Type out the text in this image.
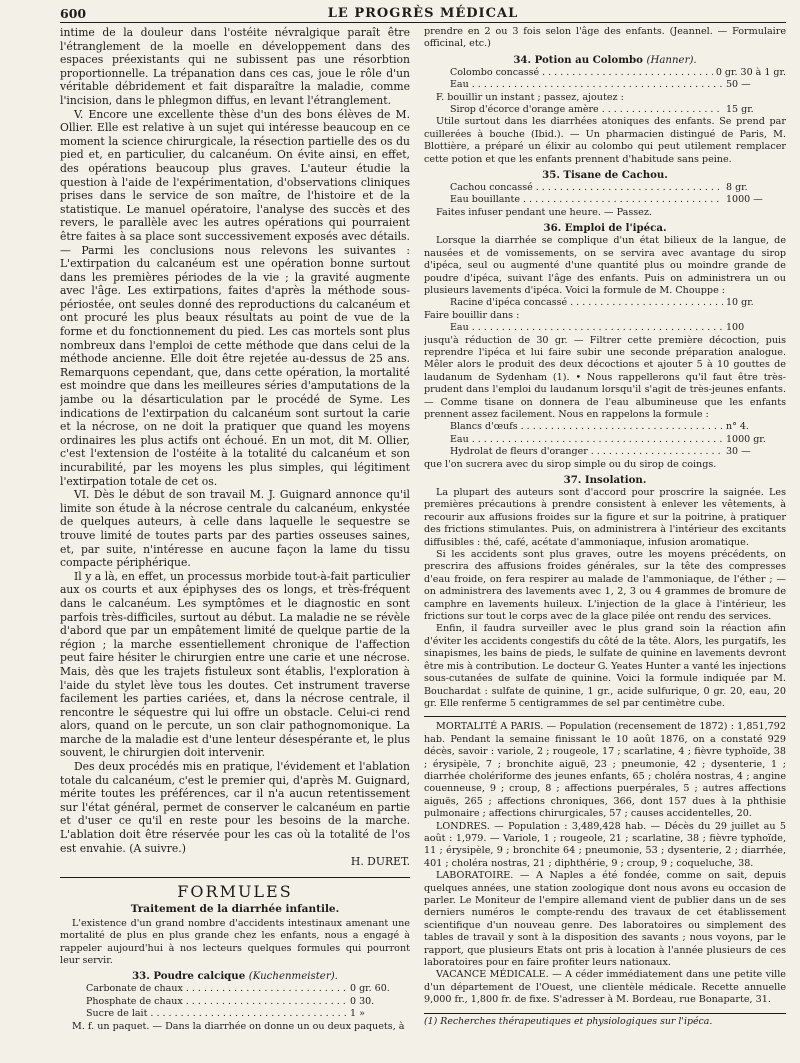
600	LE PROGRÈS MÉDICAL

intime de la douleur dans l'ostéite névralgique paraît être l'étranglement de la moelle en développement dans des espaces préexistants qui ne subissent pas une résorbtion proportionnelle. La trépanation dans ces cas, joue le rôle d'un véritable débridement et fait disparaître la maladie, comme l'incision, dans le phlegmon diffus, en levant l'étranglement.

V. Encore une excellente thèse d'un des bons élèves de M. Ollier. Elle est relative à un sujet qui intéresse beaucoup en ce moment la science chirurgicale, la résection partielle des os du pied et, en particulier, du calcanéum. On évite ainsi, en effet, des opérations beaucoup plus graves. L'auteur étudie la question à l'aide de l'expérimentation, d'observations cliniques prises dans le service de son maître, de l'histoire et de la statistique. Le manuel opératoire, l'analyse des succès et des revers, le parallèle avec les autres opérations qui pourraient être faites à sa place sont successivement exposés avec détails. — Parmi les conclusions nous relevons les suivantes : L'extirpation du calcanéum est une opération bonne surtout dans les premières périodes de la vie ; la gravité augmente avec l'âge. Les extirpations, faites d'après la méthode sous-périostée, ont seules donné des reproductions du calcanéum et ont procuré les plus beaux résultats au point de vue de la forme et du fonctionnement du pied. Les cas mortels sont plus nombreux dans l'emploi de cette méthode que dans celui de la méthode ancienne. Elle doit être rejetée au-dessus de 25 ans. Remarquons cependant, que, dans cette opération, la mortalité est moindre que dans les meilleures séries d'amputations de la jambe ou la désarticulation par le procédé de Syme. Les indications de l'extirpation du calcanéum sont surtout la carie et la nécrose, on ne doit la pratiquer que quand les moyens ordinaires les plus actifs ont échoué. En un mot, dit M. Ollier, c'est l'extension de l'ostéite à la totalité du calcanéum et son incurabilité, par les moyens les plus simples, qui légitiment l'extirpation totale de cet os.

VI. Dès le début de son travail M. J. Guignard annonce qu'il limite son étude à la nécrose centrale du calcanéum, enkystée de quelques auteurs, à celle dans laquelle le sequestre se trouve limité de toutes parts par des parties osseuses saines, et, par suite, n'intéresse en aucune façon la lame du tissu compacte périphérique.

Il y a là, en effet, un processus morbide tout-à-fait particulier aux os courts et aux épiphyses des os longs, et très-fréquent dans le calcanéum. Les symptômes et le diagnostic en sont parfois très-difficiles, surtout au début. La maladie ne se révèle d'abord que par un empâtement limité de quelque partie de la région ; la marche essentiellement chronique de l'affection peut faire hésiter le chirurgien entre une carie et une nécrose. Mais, dès que les trajets fistuleux sont établis, l'exploration à l'aide du stylet lève tous les doutes. Cet instrument traverse facilement les parties cariées, et, dans la nécrose centrale, il rencontre le séquestre qui lui offre un obstacle. Celui-ci rend alors, quand on le percute, un son clair pathognomonique. La marche de la maladie est d'une lenteur désespérante et, le plus souvent, le chirurgien doit intervenir.

Des deux procédés mis en pratique, l'évidement et l'ablation totale du calcanéum, c'est le premier qui, d'après M. Guignard, mérite toutes les préférences, car il n'a aucun retentissement sur l'état général, permet de conserver le calcanéum en partie et d'user ce qu'il en reste pour les besoins de la marche. L'ablation doit être réservée pour les cas où la totalité de l'os est envahie. (A suivre.)

H. DURET.
FORMULES
Traitement de la diarrhée infantile.

L'existence d'un grand nombre d'accidents intestinaux amenant une mortalité de plus en plus grande chez les enfants, nous a engagé à rappeler aujourd'hui à nos lecteurs quelques formules qui pourront leur servir.

33. Poudre calcique (Kuchenmeister).
Carbonate de chaux . . .	0 gr. 60.
Phosphate de chaux . . .	0 30.
Sucre de lait . . .	1 »

M. f. un paquet. — Dans la diarrhée on donne un ou deux paquets, à

prendre en 2 ou 3 fois selon l'âge des enfants. (Jeannel. — Formulaire officinal, etc.)

34. Potion au Colombo (Hanner).
Colombo concassé . . .	0 gr. 30 à 1 gr.
Eau . . .	50 —

F. bouillir un instant ; passez, ajoutez :

Sirop d'écorce d'orange amère . . .	15 gr.

Utile surtout dans les diarrhées atoniques des enfants. Se prend par cuillerées à bouche (Ibid.). — Un pharmacien distingué de Paris, M. Blottière, a préparé un élixir au colombo qui peut utilement remplacer cette potion et que les enfants prennent d'habitude sans peine.

35. Tisane de Cachou.
Cachou concassé . . .	8 gr.
Eau bouillante . . .	1000 —

Faites infuser pendant une heure. — Passez.

36. Emploi de l'ipéca.

Lorsque la diarrhée se complique d'un état bilieux de la langue, de nausées et de vomissements, on se servira avec avantage du sirop d'ipéca, seul ou augmenté d'une quantité plus ou moindre grande de poudre d'ipéca, suivant l'âge des enfants. Puis on administrera un ou plusieurs lavements d'ipéca. Voici la formule de M. Chouppe :

Racine d'ipéca concassé . . .	10 gr.

Faire bouillir dans :

Eau . . .	100

jusqu'à réduction de 30 gr. — Filtrer cette première décoction, puis reprendre l'ipéca et lui faire subir une seconde préparation analogue. Mêler alors le produit des deux décoctions et ajouter 5 à 10 gouttes de laudanum de Sydenham (1). • Nous rappellerons qu'il faut être très-prudent dans l'emploi du laudanum lorsqu'il s'agit de très-jeunes enfants. — Comme tisane on donnera de l'eau albumineuse que les enfants prennent assez facilement. Nous en rappelons la formule :

Blancs d'œufs . . .	n° 4.
Eau . . .	1000 gr.
Hydrolat de fleurs d'oranger . . .	30 —

que l'on sucrera avec du sirop simple ou du sirop de coings.

37. Insolation.

La plupart des auteurs sont d'accord pour proscrire la saignée. Les premières précautions à prendre consistent à enlever les vêtements, à recourir aux affusions froides sur la figure et sur la poitrine, à pratiquer des frictions stimulantes. Puis, on administrera à l'intérieur des excitants diffusibles : thé, café, acétate d'ammoniaque, infusion aromatique.

Si les accidents sont plus graves, outre les moyens précédents, on prescrira des affusions froides générales, sur la tête des compresses d'eau froide, on fera respirer au malade de l'ammoniaque, de l'éther ; — on administrera des lavements avec 1, 2, 3 ou 4 grammes de bromure de camphre en lavements huileux. L'injection de la glace à l'intérieur, les frictions sur tout le corps avec de la glace pilée ont rendu des services.

Enfin, il faudra surveiller avec le plus grand soin la réaction afin d'éviter les accidents congestifs du côté de la tête. Alors, les purgatifs, les sinapismes, les bains de pieds, le sulfate de quinine en lavements devront être mis à contribution. Le docteur G. Yeates Hunter a vanté les injections sous-cutanées de sulfate de quinine. Voici la formule indiquée par M. Bouchardat : sulfate de quinine, 1 gr., acide sulfurique, 0 gr. 20, eau, 20 gr. Elle renferme 5 centigrammes de sel par centimètre cube.

MORTALITÉ A PARIS. — Population (recensement de 1872) : 1,851,792 hab. Pendant la semaine finissant le 10 août 1876, on a constaté 929 décès, savoir : variole, 2 ; rougeole, 17 ; scarlatine, 4 ; fièvre typhoïde, 38 ; érysipèle, 7 ; bronchite aiguë, 23 ; pneumonie, 42 ; dysenterie, 1 ; diarrhée cholériforme des jeunes enfants, 65 ; choléra nostras, 4 ; angine couenneuse, 9 ; croup, 8 ; affections puerpérales, 5 ; autres affections aiguës, 265 ; affections chroniques, 366, dont 157 dues à la phthisie pulmonaire ; affections chirurgicales, 57 ; causes accidentelles, 20.

LONDRES. — Population : 3,489,428 hab. — Décès du 29 juillet au 5 août : 1,979. — Variole, 1 ; rougeole, 21 ; scarlatine, 38 ; fièvre typhoïde, 11 ; érysipèle, 9 ; bronchite 64 ; pneumonie, 53 ; dysenterie, 2 ; diarrhée, 401 ; choléra nostras, 21 ; diphthérie, 9 ; croup, 9 ; coqueluche, 38.

LABORATOIRE. — A Naples a été fondée, comme on sait, depuis quelques années, une station zoologique dont nous avons eu occasion de parler. Le Moniteur de l'empire allemand vient de publier dans un de ses derniers numéros le compte-rendu des travaux de cet établissement scientifique d'un nouveau genre. Des laboratoires ou simplement des tables de travail y sont à la disposition des savants ; nous voyons, par le rapport, que plusieurs Etats ont pris à location à l'année plusieurs de ces laboratoires pour en faire profiter leurs nationaux.

VACANCE MÉDICALE. — A céder immédiatement dans une petite ville d'un département de l'Ouest, une clientèle médicale. Recette annuelle 9,000 fr., 1,800 fr. de fixe. S'adresser à M. Bordeau, rue Bonaparte, 31.

(1) Recherches thérapeutiques et physiologiques sur l'ipéca.
